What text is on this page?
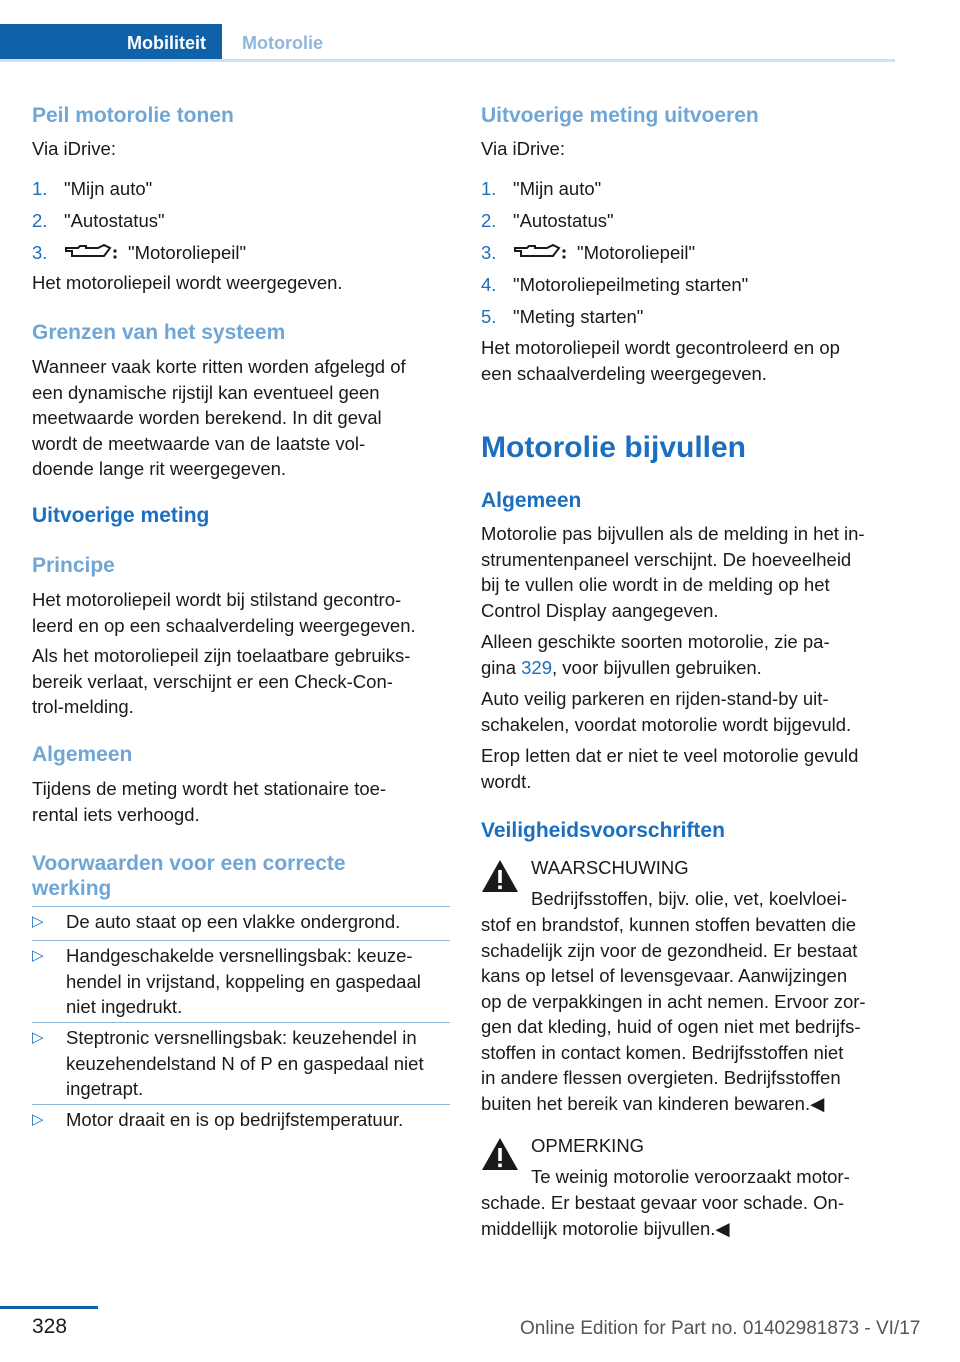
Mobiliteit	Motorolie
Peil motorolie tonen
Via iDrive:
1. "Mijn auto"
2. "Autostatus"
3.	"Motoroliepeil"
Het motoroliepeil wordt weergegeven.
Grenzen van het systeem
Wanneer vaak korte ritten worden afgelegd of
een dynamische rijstijl kan eventueel geen
meetwaarde worden berekend. In dit geval
wordt de meetwaarde van de laatste vol‐
doende lange rit weergegeven.
Uitvoerige meting
Principe
Het motoroliepeil wordt bij stilstand gecontro‐
leerd en op een schaalverdeling weergegeven.
Als het motoroliepeil zijn toelaatbare gebruiks‐
bereik verlaat, verschijnt er een Check-Con‐
trol-melding.
Algemeen
Tijdens de meting wordt het stationaire toe‐
rental iets verhoogd.
Voorwaarden voor een correcte
werking
▷ De auto staat op een vlakke ondergrond.
▷ Handgeschakelde versnellingsbak: keuze‐
hendel in vrijstand, koppeling en gaspedaal
niet ingedrukt.
▷ Steptronic versnellingsbak: keuzehendel in
keuzehendelstand N of P en gaspedaal niet
ingetrapt.
▷ Motor draait en is op bedrijfstemperatuur.
Uitvoerige meting uitvoeren
Via iDrive:
1. "Mijn auto"
2. "Autostatus"
3.	"Motoroliepeil"
4. "Motoroliepeilmeting starten"
5. "Meting starten"
Het motoroliepeil wordt gecontroleerd en op
een schaalverdeling weergegeven.
Motorolie bijvullen
Algemeen
Motorolie pas bijvullen als de melding in het in‐
strumentenpaneel verschijnt. De hoeveelheid
bij te vullen olie wordt in de melding op het
Control Display aangegeven.
Alleen geschikte soorten motorolie, zie pa‐
gina 329, voor bijvullen gebruiken.
Auto veilig parkeren en rijden-stand-by uit‐
schakelen, voordat motorolie wordt bijgevuld.
Erop letten dat er niet te veel motorolie gevuld
wordt.
Veiligheidsvoorschriften
WAARSCHUWING
Bedrijfsstoffen, bijv. olie, vet, koelvloei‐
stof en brandstof, kunnen stoffen bevatten die
schadelijk zijn voor de gezondheid. Er bestaat
kans op letsel of levensgevaar. Aanwijzingen
op de verpakkingen in acht nemen. Ervoor zor‐
gen dat kleding, huid of ogen niet met bedrijfs‐
stoffen in contact komen. Bedrijfsstoffen niet
in andere flessen overgieten. Bedrijfsstoffen
buiten het bereik van kinderen bewaren.◀
OPMERKING
Te weinig motorolie veroorzaakt motor‐
schade. Er bestaat gevaar voor schade. On‐
middellijk motorolie bijvullen.◀
328	Online Edition for Part no. 01402981873 - VI/17
